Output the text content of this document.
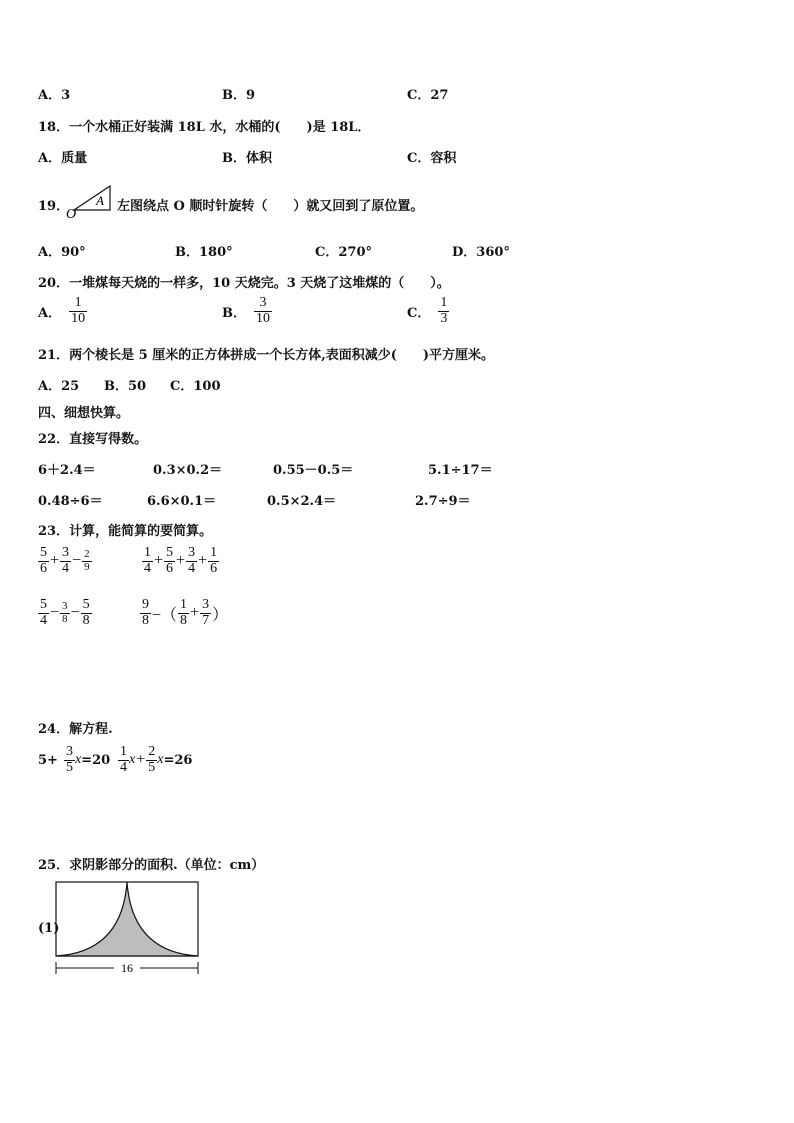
A．3	B．9	C．27
18．一个水桶正好装满 18L 水，水桶的(　　)是 18L．
A．质量	B．体积	C．容积
19．
O
A 左图绕点 O 顺时针旋转（　　）就又回到了原位置。
A．90°	B．180°	C．270°	D．360°
20．一堆煤每天烧的一样多，10 天烧完。3 天烧了这堆煤的（　　）。
A． $\frac{1}{10}$	B． $\frac{3}{10}$	C． $\frac{1}{3}$
21．两个棱长是 5 厘米的正方体拼成一个长方体,表面积减少(　　)平方厘米。
A．25 B．50 C．100
四、细想快算。
22．直接写得数。
6＋2.4＝	0.3×0.2＝	0.55－0.5＝	5.1÷17＝
0.48÷6＝	6.6×0.1＝	0.5×2.4＝	2.7÷9＝
23．计算，能简算的要简算。
$\frac{5}{6} + \frac{3}{4} - \frac{2}{9}$	$\frac{1}{4} + \frac{5}{6} + \frac{3}{4} + \frac{1}{6}$
$\frac{5}{4} - \frac{3}{8} - \frac{5}{8}$	$\frac{9}{8}$ −（ $\frac{1}{8} + \frac{3}{7}$ ）
24．解方程.
$5+ \frac{3}{5}$ $x =20 \frac{1}{4}$ $x + \frac{2}{5}$ x =26
25．求阴影部分的面积.（单位：cm）
(1)
16
